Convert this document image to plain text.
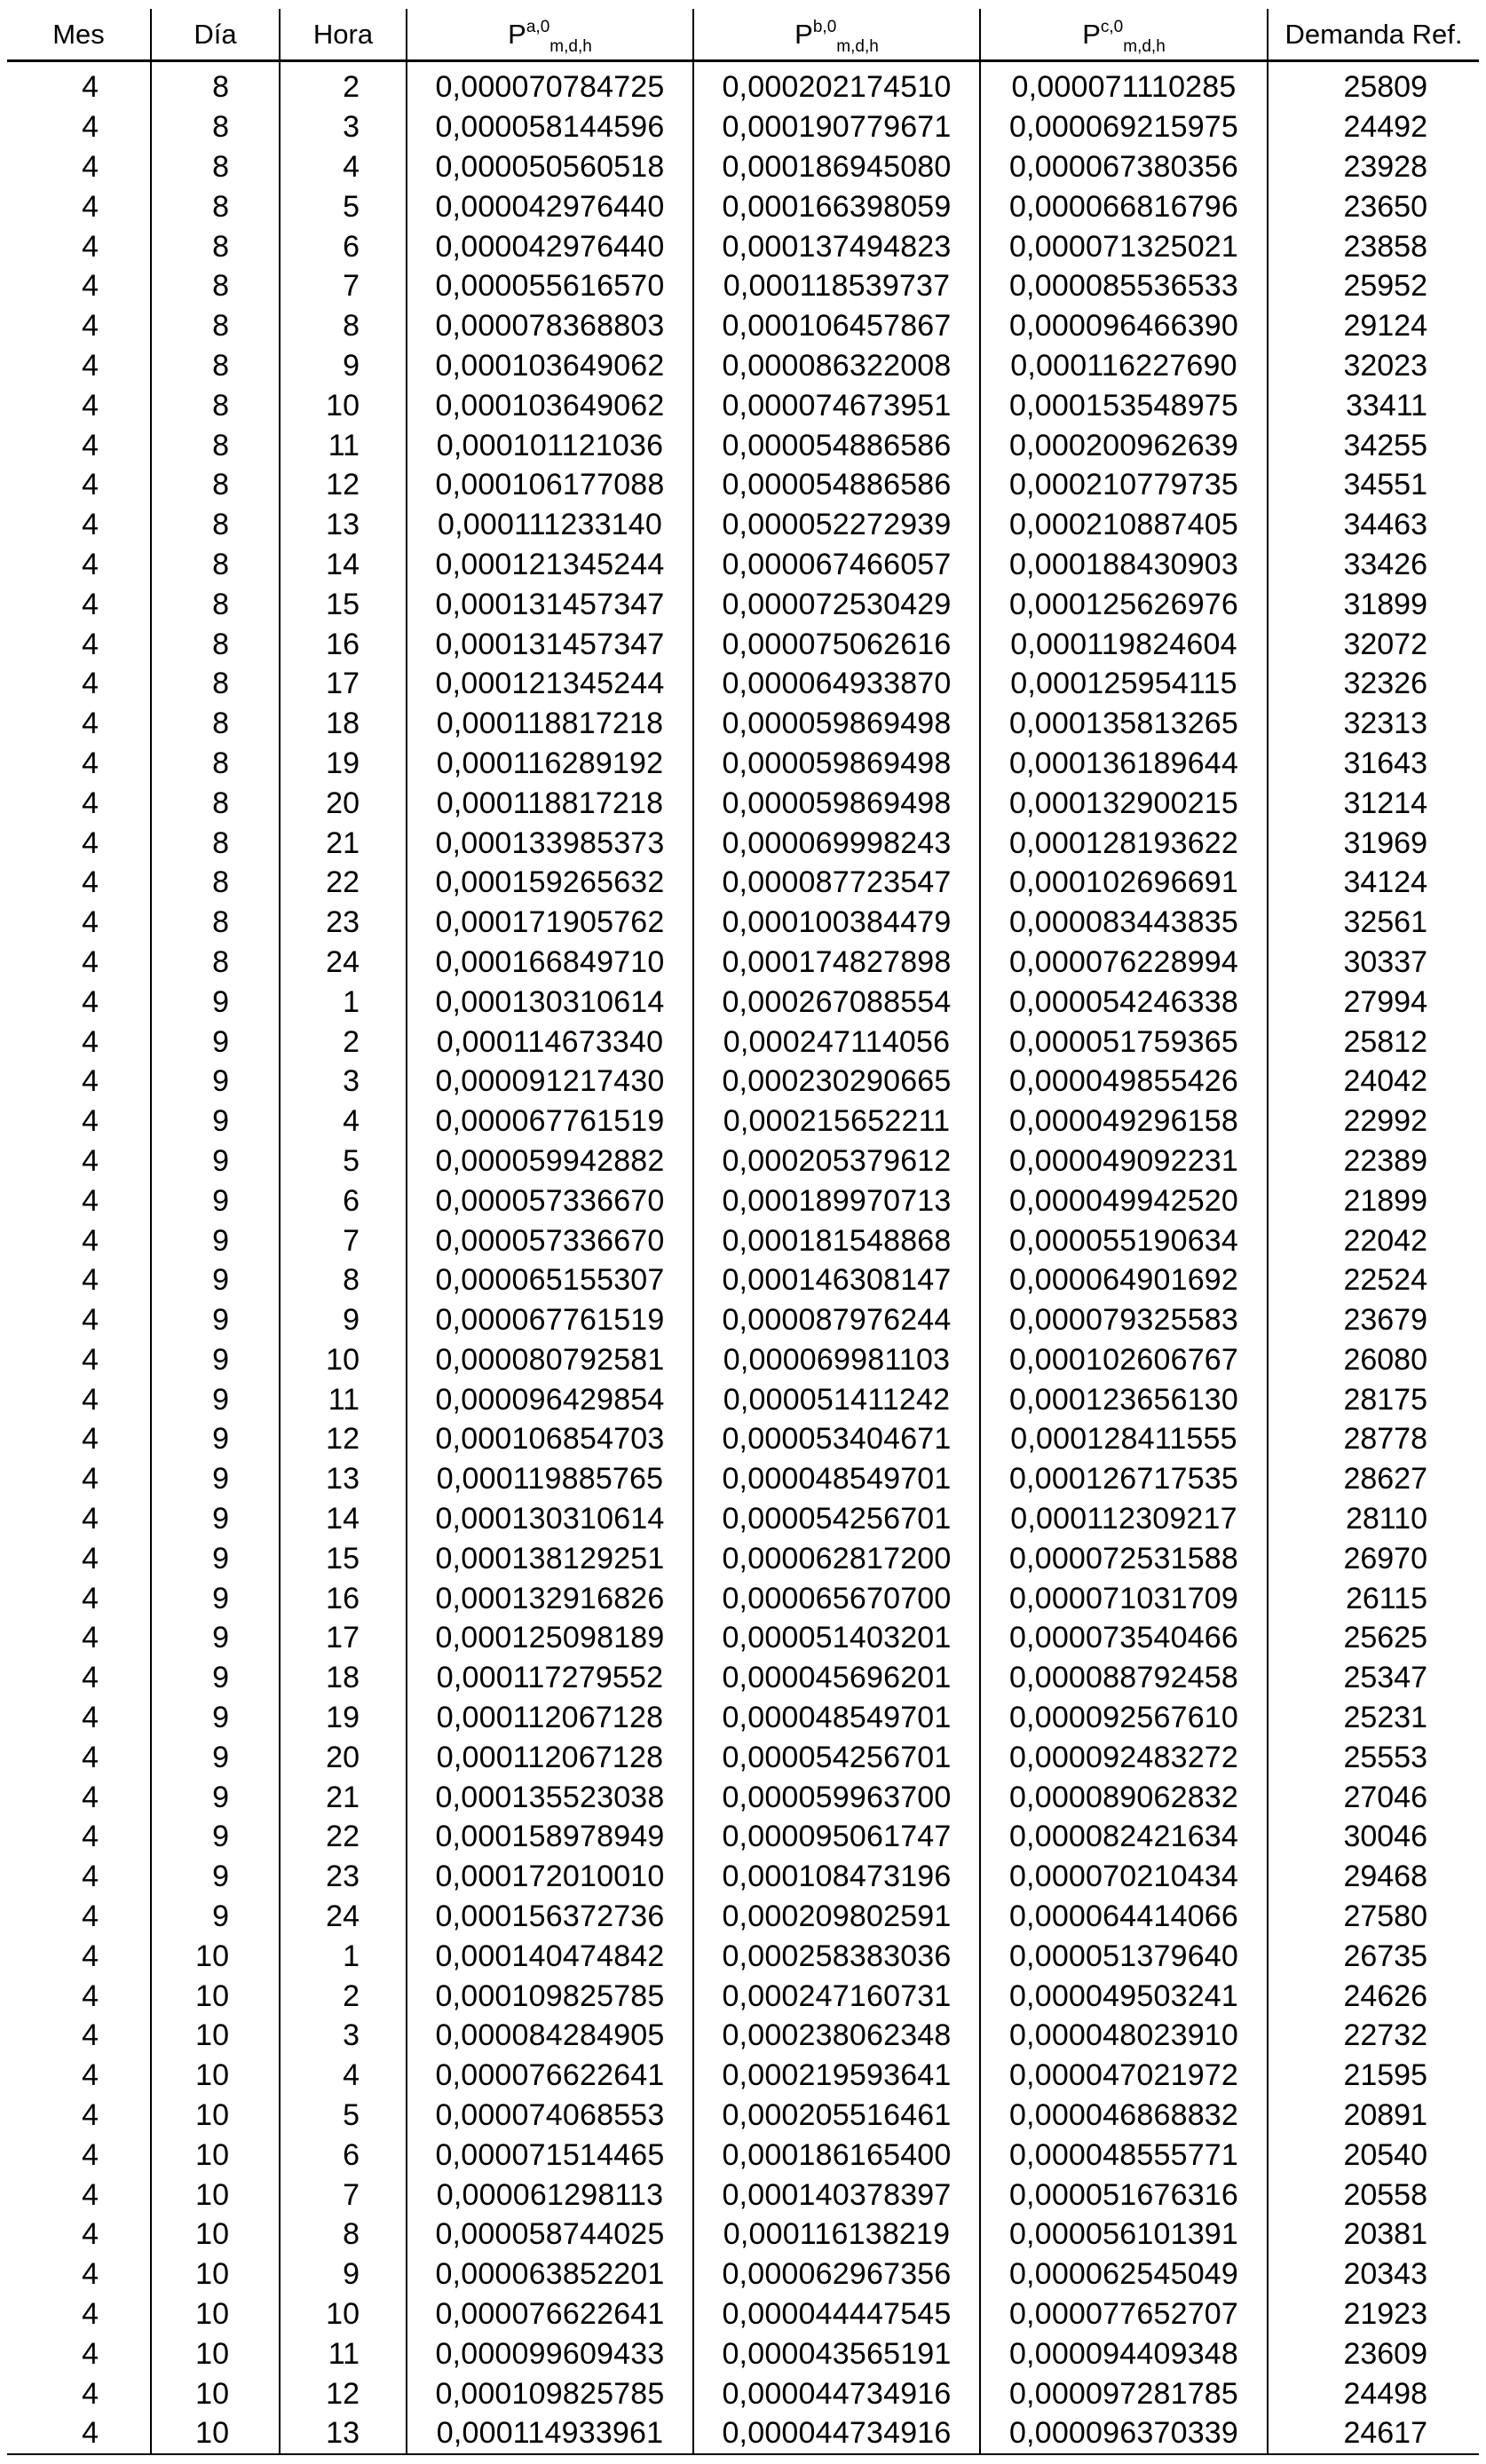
Mes	Día	Hora	P$^{a,0}_{m,d,h}$	P$^{b,0}_{m,d,h}$	P$^{c,0}_{m,d,h}$	Demanda Ref.
4	8	2	0,000070784725	0,000202174510	0,000071110285	25809
4	8	3	0,000058144596	0,000190779671	0,000069215975	24492
4	8	4	0,000050560518	0,000186945080	0,000067380356	23928
4	8	5	0,000042976440	0,000166398059	0,000066816796	23650
4	8	6	0,000042976440	0,000137494823	0,000071325021	23858
4	8	7	0,000055616570	0,000118539737	0,000085536533	25952
4	8	8	0,000078368803	0,000106457867	0,000096466390	29124
4	8	9	0,000103649062	0,000086322008	0,000116227690	32023
4	8	10	0,000103649062	0,000074673951	0,000153548975	33411
4	8	11	0,000101121036	0,000054886586	0,000200962639	34255
4	8	12	0,000106177088	0,000054886586	0,000210779735	34551
4	8	13	0,000111233140	0,000052272939	0,000210887405	34463
4	8	14	0,000121345244	0,000067466057	0,000188430903	33426
4	8	15	0,000131457347	0,000072530429	0,000125626976	31899
4	8	16	0,000131457347	0,000075062616	0,000119824604	32072
4	8	17	0,000121345244	0,000064933870	0,000125954115	32326
4	8	18	0,000118817218	0,000059869498	0,000135813265	32313
4	8	19	0,000116289192	0,000059869498	0,000136189644	31643
4	8	20	0,000118817218	0,000059869498	0,000132900215	31214
4	8	21	0,000133985373	0,000069998243	0,000128193622	31969
4	8	22	0,000159265632	0,000087723547	0,000102696691	34124
4	8	23	0,000171905762	0,000100384479	0,000083443835	32561
4	8	24	0,000166849710	0,000174827898	0,000076228994	30337
4	9	1	0,000130310614	0,000267088554	0,000054246338	27994
4	9	2	0,000114673340	0,000247114056	0,000051759365	25812
4	9	3	0,000091217430	0,000230290665	0,000049855426	24042
4	9	4	0,000067761519	0,000215652211	0,000049296158	22992
4	9	5	0,000059942882	0,000205379612	0,000049092231	22389
4	9	6	0,000057336670	0,000189970713	0,000049942520	21899
4	9	7	0,000057336670	0,000181548868	0,000055190634	22042
4	9	8	0,000065155307	0,000146308147	0,000064901692	22524
4	9	9	0,000067761519	0,000087976244	0,000079325583	23679
4	9	10	0,000080792581	0,000069981103	0,000102606767	26080
4	9	11	0,000096429854	0,000051411242	0,000123656130	28175
4	9	12	0,000106854703	0,000053404671	0,000128411555	28778
4	9	13	0,000119885765	0,000048549701	0,000126717535	28627
4	9	14	0,000130310614	0,000054256701	0,000112309217	28110
4	9	15	0,000138129251	0,000062817200	0,000072531588	26970
4	9	16	0,000132916826	0,000065670700	0,000071031709	26115
4	9	17	0,000125098189	0,000051403201	0,000073540466	25625
4	9	18	0,000117279552	0,000045696201	0,000088792458	25347
4	9	19	0,000112067128	0,000048549701	0,000092567610	25231
4	9	20	0,000112067128	0,000054256701	0,000092483272	25553
4	9	21	0,000135523038	0,000059963700	0,000089062832	27046
4	9	22	0,000158978949	0,000095061747	0,000082421634	30046
4	9	23	0,000172010010	0,000108473196	0,000070210434	29468
4	9	24	0,000156372736	0,000209802591	0,000064414066	27580
4	10	1	0,000140474842	0,000258383036	0,000051379640	26735
4	10	2	0,000109825785	0,000247160731	0,000049503241	24626
4	10	3	0,000084284905	0,000238062348	0,000048023910	22732
4	10	4	0,000076622641	0,000219593641	0,000047021972	21595
4	10	5	0,000074068553	0,000205516461	0,000046868832	20891
4	10	6	0,000071514465	0,000186165400	0,000048555771	20540
4	10	7	0,000061298113	0,000140378397	0,000051676316	20558
4	10	8	0,000058744025	0,000116138219	0,000056101391	20381
4	10	9	0,000063852201	0,000062967356	0,000062545049	20343
4	10	10	0,000076622641	0,000044447545	0,000077652707	21923
4	10	11	0,000099609433	0,000043565191	0,000094409348	23609
4	10	12	0,000109825785	0,000044734916	0,000097281785	24498
4	10	13	0,000114933961	0,000044734916	0,000096370339	24617
